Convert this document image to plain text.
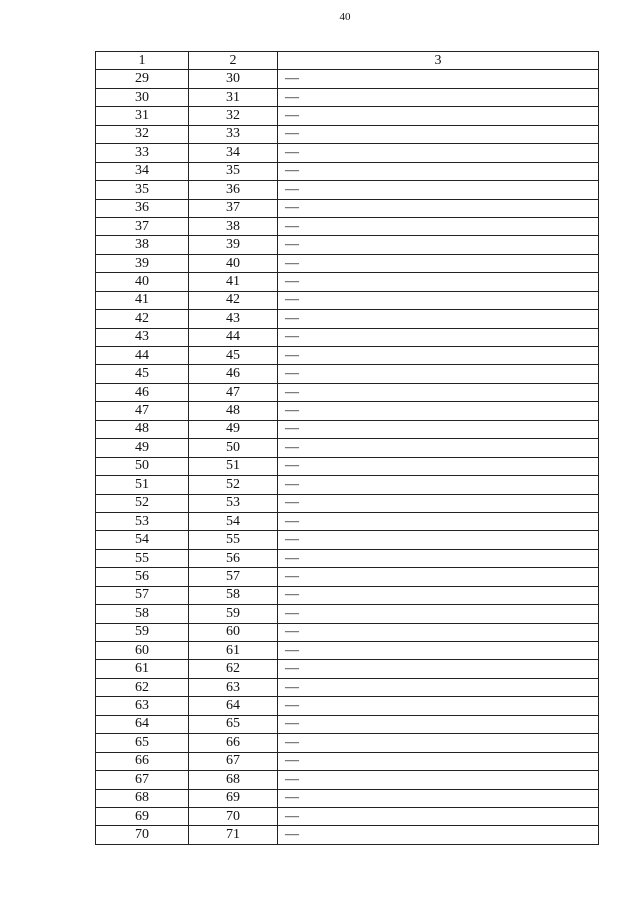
40
1	2	3
29	30	—
30	31	—
31	32	—
32	33	—
33	34	—
34	35	—
35	36	—
36	37	—
37	38	—
38	39	—
39	40	—
40	41	—
41	42	—
42	43	—
43	44	—
44	45	—
45	46	—
46	47	—
47	48	—
48	49	—
49	50	—
50	51	—
51	52	—
52	53	—
53	54	—
54	55	—
55	56	—
56	57	—
57	58	—
58	59	—
59	60	—
60	61	—
61	62	—
62	63	—
63	64	—
64	65	—
65	66	—
66	67	—
67	68	—
68	69	—
69	70	—
70	71	—
